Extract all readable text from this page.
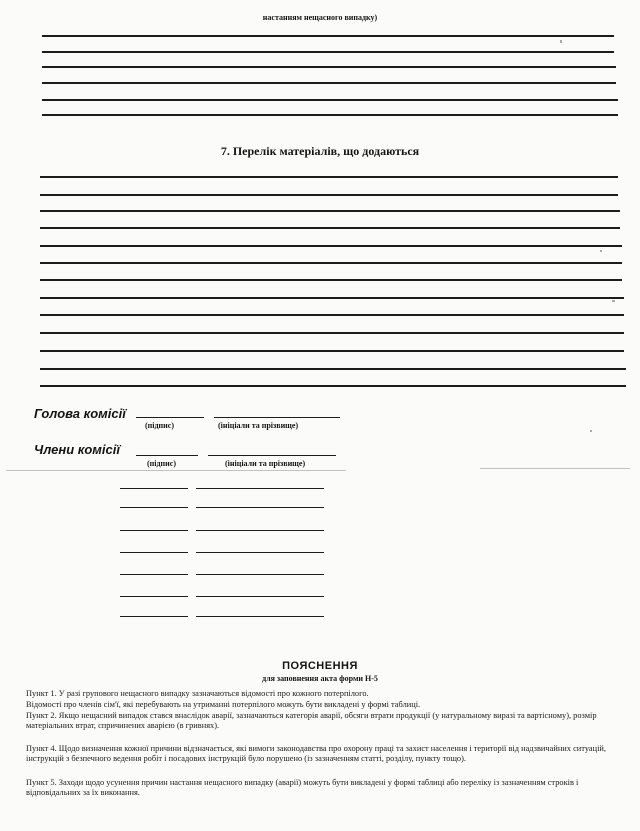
настанням нещасного випадку)
7. Перелік матеріалів, що додаються
Голова комісії
(підпис)	(ініціали та прізвище)
Члени комісії
(підпис)	(ініціали та прізвище)
ПОЯСНЕННЯ
для заповнення акта форми Н-5
Пункт 1. У разі групового нещасного випадку зазначаються відомості про кожного потерпілого.
Відомості про членів сім'ї, які перебувають на утриманні потерпілого можуть бути викладені у формі таблиці.
Пункт 2. Якщо нещасний випадок стався внаслідок аварії, зазначаються категорія аварії, обсяги втрати продукції (у натуральному виразі та вартісному), розмір матеріальних втрат, спричинених аварією (в гривнях).
Пункт 4. Щодо визначення кожної причини відзначається, які вимоги законодавства про охорону праці та захист населення і території від надзвичайних ситуацій, інструкцій з безпечного ведення робіт і посадових інструкцій було порушено (із зазначенням статті, розділу, пункту тощо).
Пункт 5. Заходи щодо усунення причин настання нещасного випадку (аварії) можуть бути викладені у формі таблиці або переліку із зазначенням строків і відповідальних за їх виконання.
